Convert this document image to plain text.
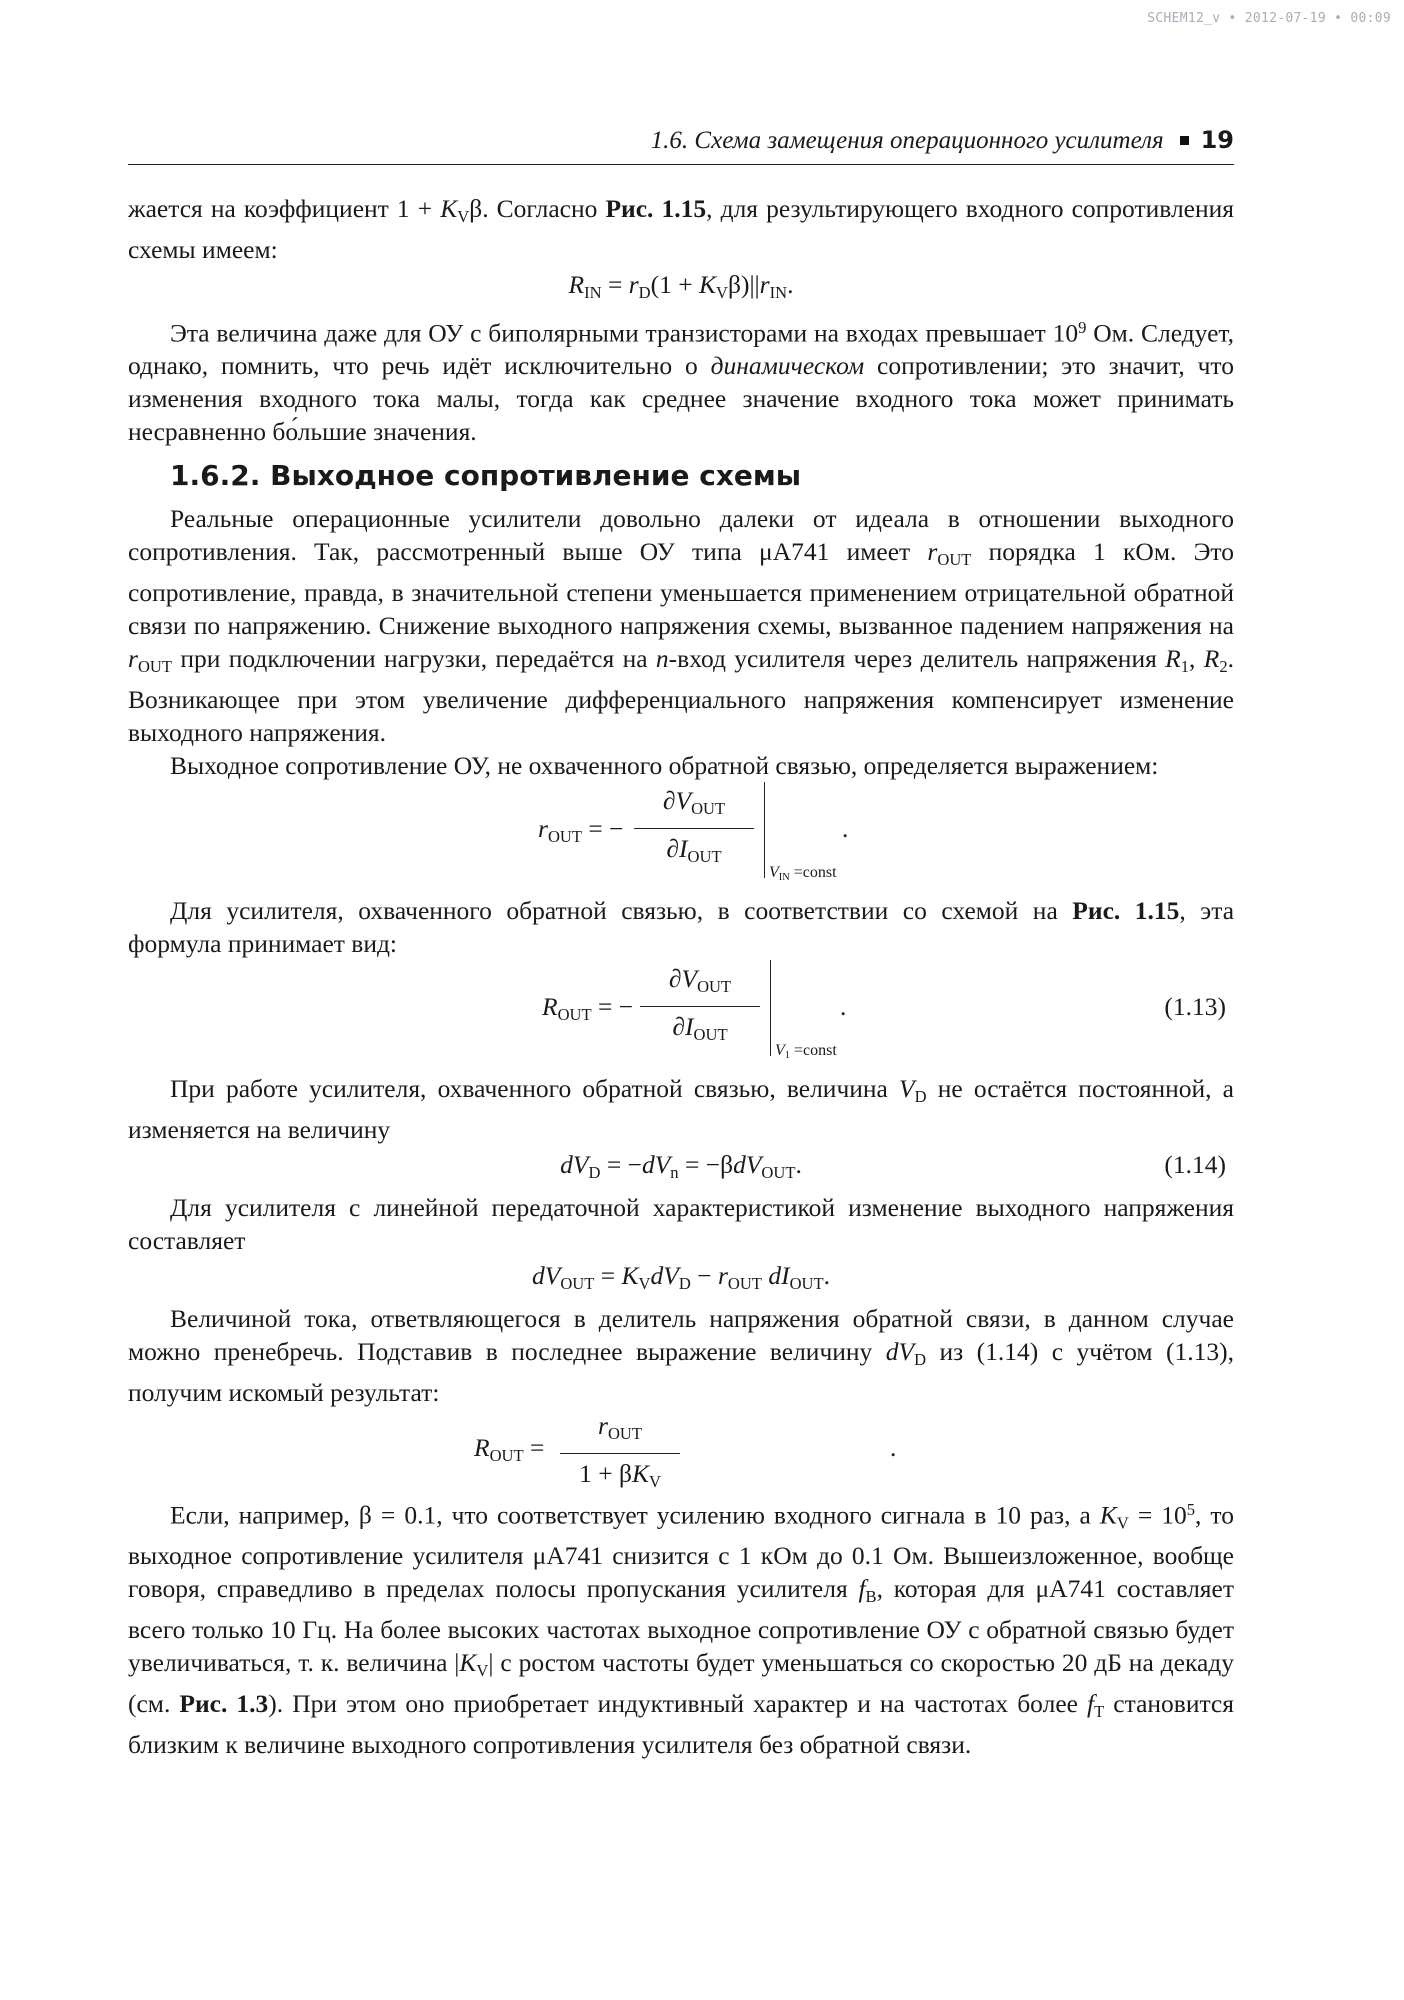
SCHEM12_v • 2012-07-19 • 00:09
1.6. Схема замещения операционного усилителя 19

жается на коэффициент $1 + K_V\beta$. Согласно Рис. 1.15, для результирующего входного сопротивления схемы имеем:

$R_{IN} = r_D(1 + K_V\beta)||r_{IN}$.

Эта величина даже для ОУ с биполярными транзисторами на входах превышает $10^9$ Ом. Следует, однако, помнить, что речь идёт исключительно о динамическом сопротивлении; это значит, что изменения входного тока малы, тогда как среднее значение входного тока может принимать несравненно бо́льшие значения.

1.6.2. Выходное сопротивление схемы

Реальные операционные усилители довольно далеки от идеала в отношении выходного сопротивления. Так, рассмотренный выше ОУ типа μA741 имеет $r_{OUT}$ порядка 1 кОм. Это сопротивление, правда, в значительной степени уменьшается применением отрицательной обратной связи по напряжению. Снижение выходного напряжения схемы, вызванное падением напряжения на $r_{OUT}$ при подключении нагрузки, передаётся на n-вход усилителя через делитель напряжения $R_1$, $R_2$. Возникающее при этом увеличение дифференциального напряжения компенсирует изменение выходного напряжения.

Выходное сопротивление ОУ, не охваченного обратной связью, определяется выражением:

$r_{OUT}$ = −
$\partial V_{OUT}$
$\partial I_{OUT}$
$V_{IN}$ =const
.

Для усилителя, охваченного обратной связью, в соответствии со схемой на Рис. 1.15, эта формула принимает вид:

$R_{OUT}$ = −
$\partial V_{OUT}$
$\partial I_{OUT}$
$V_1$ =const
.	(1.13)

При работе усилителя, охваченного обратной связью, величина $V_D$ не остаётся постоянной, а изменяется на величину

$dV_D = -dV_n = -\beta dV_{OUT}$.	(1.14)

Для усилителя с линейной передаточной характеристикой изменение выходного напряжения составляет

$dV_{OUT} = K_VdV_D - r_{OUT}$ $dI_{OUT}$.

Величиной тока, ответвляющегося в делитель напряжения обратной связи, в данном случае можно пренебречь. Подставив в последнее выражение величину $dV_D$ из (1.14) с учётом (1.13), получим искомый результат:

$R_{OUT}$ =
$r_{OUT}$
$1 + \beta K_V$
.

Если, например, β = 0.1, что соответствует усилению входного сигнала в 10 раз, а $K_V = 10^5$, то выходное сопротивление усилителя μA741 снизится с 1 кОм до 0.1 Ом. Вышеизложенное, вообще говоря, справедливо в пределах полосы пропускания усилителя $f_B$, которая для μA741 составляет всего только 10 Гц. На более высоких частотах выходное сопротивление ОУ с обратной связью будет увеличиваться, т. к. величина $|K_V|$ с ростом частоты будет уменьшаться со скоростью 20 дБ на декаду (см. Рис. 1.3). При этом оно приобретает индуктивный характер и на частотах более $f_T$ становится близким к величине выходного сопротивления усилителя без обратной связи.
